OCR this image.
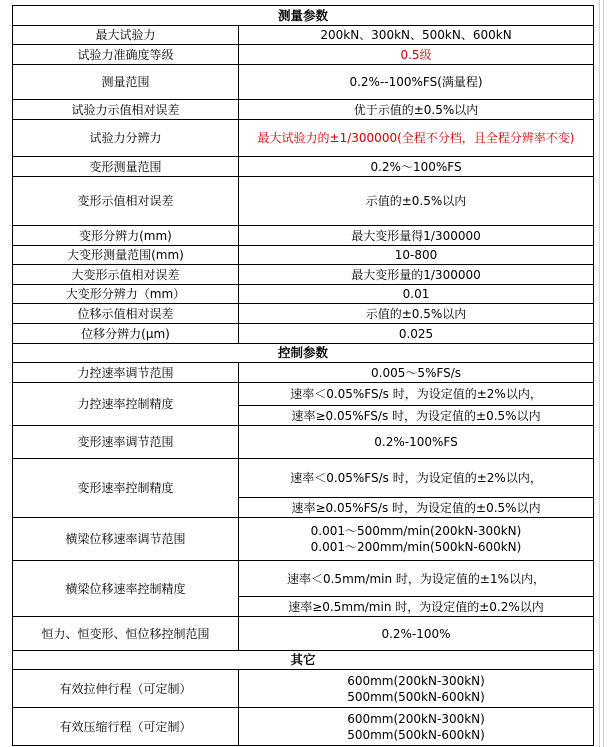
测量参数	
最大试验力	200kN、300kN、500kN、600kN

试验力准确度等级	0.5级

测量范围	0.2%--100%FS(满量程)

试验力示值相对误差	优于示值的±0.5%以内

试验力分辨力	最大试验力的±1/300000(全程不分档，且全程分辨率不变)

变形测量范围	0.2%～100%FS

变形示值相对误差	示值的±0.5%以内

变形分辨力(mm)	最大变形量得1/300000

大变形测量范围(mm)	10-800

大变形示值相对误差	最大变形量的1/300000

大变形分辨力（mm）	0.01

位移示值相对误差	示值的±0.5%以内

位移分辨力(μm)	0.025

控制参数	
力控速率调节范围	0.005～5%FS/s

力控速率控制精度	速率＜0.05%FS/s 时，为设定值的±2%以内，
	速率≥0.05%FS/s 时，为设定值的±0.5%以内
变形速率调节范围	0.2%-100%FS

变形速率控制精度	速率＜0.05%FS/s 时，为设定值的±2%以内，
	速率≥0.05%FS/s 时，为设定值的±0.5%以内
横梁位移速率调节范围	0.001～500mm/min(200kN-300kN)
0.001～200mm/min(500kN-600kN)

横梁位移速率控制精度	速率＜0.5mm/min 时，为设定值的±1%以内，
	速率≥0.5mm/min 时，为设定值的±0.2%以内
恒力、恒变形、恒位移控制范围	0.2%-100%

其它	
有效拉伸行程（可定制）	600mm(200kN-300kN)
500mm(500kN-600kN)

有效压缩行程（可定制）	600mm(200kN-300kN)
500mm(500kN-600kN)
